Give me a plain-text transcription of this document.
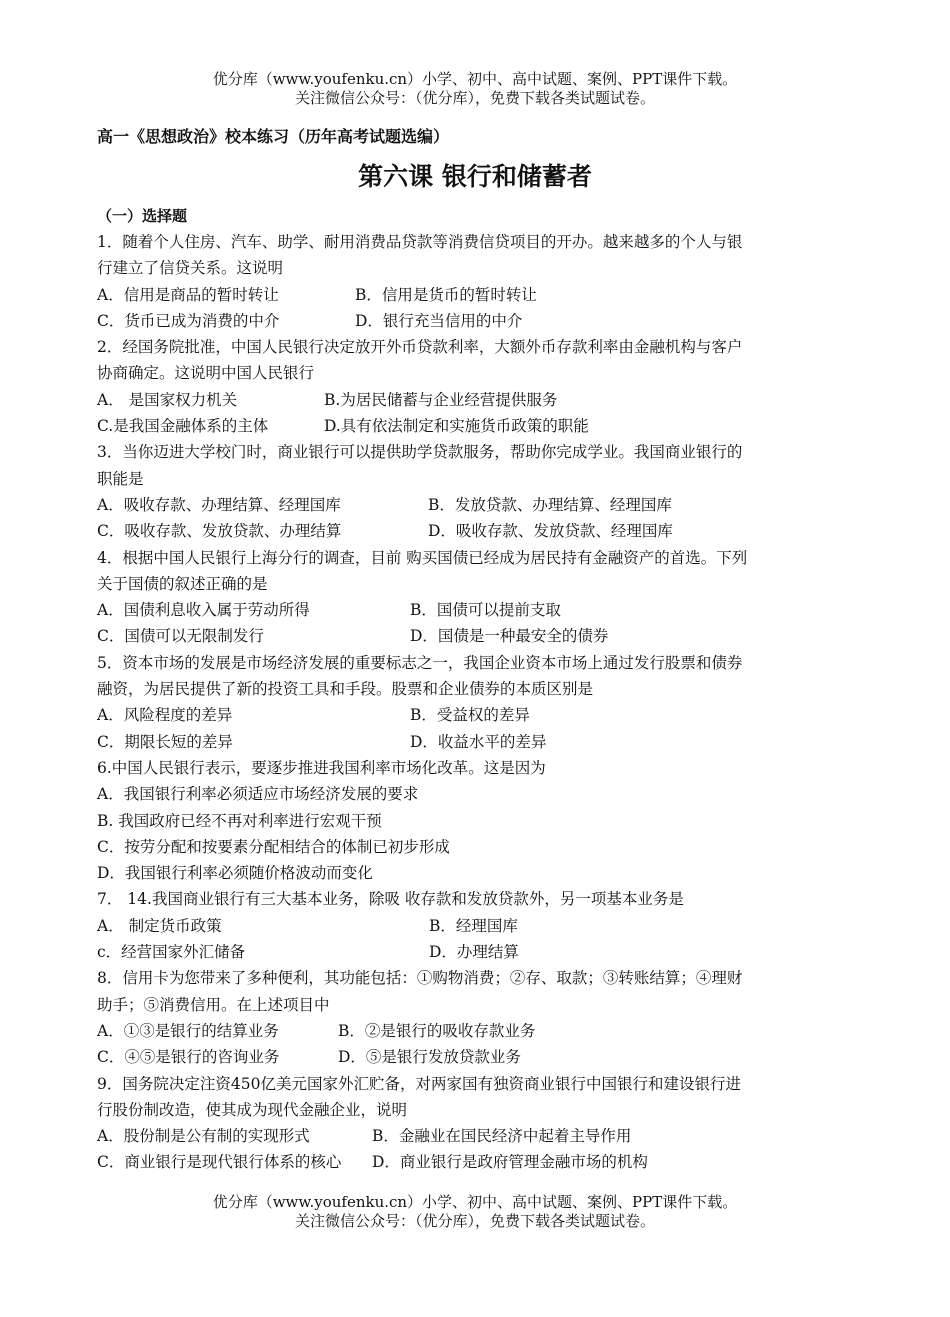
优分库（www.youfenku.cn）小学、初中、高中试题、案例、PPT课件下载。
关注微信公众号：（优分库），免费下载各类试题试卷。
高一《思想政治》校本练习（历年高考试题选编）
第六课 银行和储蓄者
（一）选择题
1．随着个人住房、汽车、助学、耐用消费品贷款等消费信贷项目的开办。越来越多的个人与银
行建立了信贷关系。这说明
A．信用是商品的暂时转让	B．信用是货币的暂时转让
C．货币已成为消费的中介	D．银行充当信用的中介
2．经国务院批准，中国人民银行决定放开外币贷款利率，大额外币存款利率由金融机构与客户
协商确定。这说明中国人民银行
A． 是国家权力机关	B.为居民储蓄与企业经营提供服务
C.是我国金融体系的主体	D.具有依法制定和实施货币政策的职能
3．当你迈进大学校门时，商业银行可以提供助学贷款服务，帮助你完成学业。我国商业银行的
职能是
A．吸收存款、办理结算、经理国库	B．发放贷款、办理结算、经理国库
C．吸收存款、发放贷款、办理结算	D．吸收存款、发放贷款、经理国库
4．根据中国人民银行上海分行的调查，目前 购买国债已经成为居民持有金融资产的首选。下列
关于国债的叙述正确的是
A．国债利息收入属于劳动所得	B．国债可以提前支取
C．国债可以无限制发行	D．国债是一种最安全的债券
5．资本市场的发展是市场经济发展的重要标志之一，我国企业资本市场上通过发行股票和债券
融资，为居民提供了新的投资工具和手段。股票和企业债券的本质区别是
A．风险程度的差异	B．受益权的差异
C．期限长短的差异	D．收益水平的差异
6.中国人民银行表示，要逐步推进我国利率市场化改革。这是因为
A．我国银行利率必须适应市场经济发展的要求
B. 我国政府已经不再对利率进行宏观干预
C．按劳分配和按要素分配相结合的体制已初步形成
D．我国银行利率必须随价格波动而变化
7． 14.我国商业银行有三大基本业务，除吸 收存款和发放贷款外，另一项基本业务是
A． 制定货币政策	B．经理国库
c．经营国家外汇储备	D．办理结算
8．信用卡为您带来了多种便利，其功能包括：①购物消费；②存、取款；③转账结算；④理财
助手；⑤消费信用。在上述项目中
A．①③是银行的结算业务	B．②是银行的吸收存款业务
C．④⑤是银行的咨询业务	D．⑤是银行发放贷款业务
9．国务院决定注资450亿美元国家外汇贮备，对两家国有独资商业银行中国银行和建设银行进
行股份制改造，使其成为现代金融企业，说明
A．股份制是公有制的实现形式	B．金融业在国民经济中起着主导作用
C．商业银行是现代银行体系的核心	D．商业银行是政府管理金融市场的机构
优分库（www.youfenku.cn）小学、初中、高中试题、案例、PPT课件下载。
关注微信公众号：（优分库），免费下载各类试题试卷。
